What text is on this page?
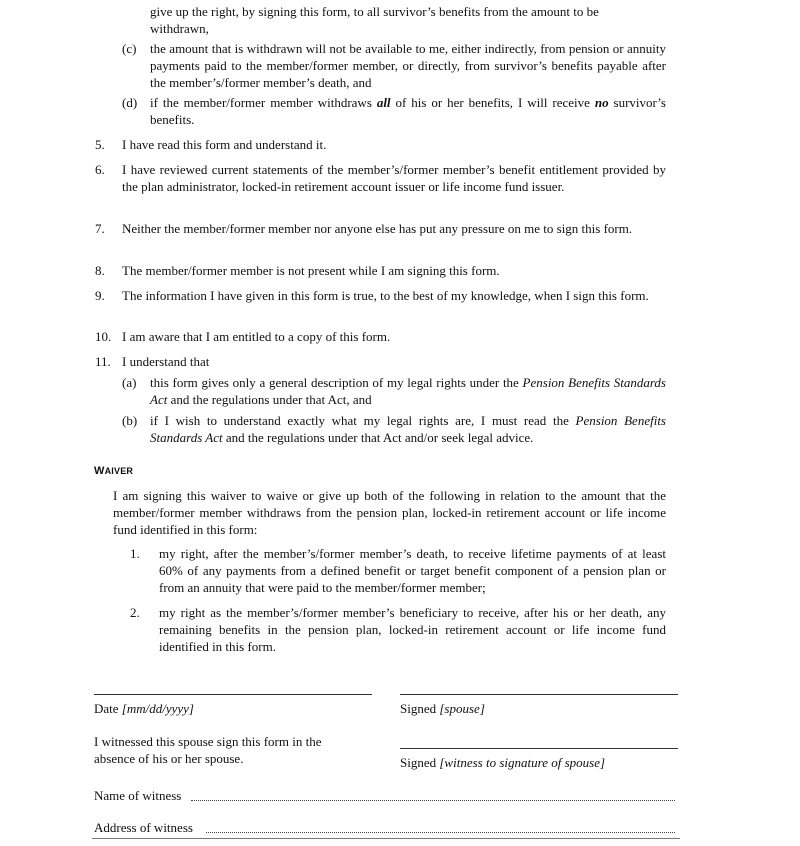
give up the right, by signing this form, to all survivor’s benefits from the amount to be
withdrawn,
(c) the amount that is withdrawn will not be available to me, either indirectly, from pension or annuity payments paid to the member/former member, or directly, from survivor’s benefits payable after the member’s/former member’s death, and
(d) if the member/former member withdraws all of his or her benefits, I will receive no survivor’s benefits.
5. I have read this form and understand it.
6. I have reviewed current statements of the member’s/former member’s benefit entitlement provided by the plan administrator, locked-in retirement account issuer or life income fund issuer.
7. Neither the member/former member nor anyone else has put any pressure on me to sign this form.
8. The member/former member is not present while I am signing this form.
9. The information I have given in this form is true, to the best of my knowledge, when I sign this form.
10. I am aware that I am entitled to a copy of this form.
11. I understand that
(a) this form gives only a general description of my legal rights under the Pension Benefits Standards Act and the regulations under that Act, and
(b) if I wish to understand exactly what my legal rights are, I must read the Pension Benefits Standards Act and the regulations under that Act and/or seek legal advice.
WAIVER
I am signing this waiver to waive or give up both of the following in relation to the amount that the member/former member withdraws from the pension plan, locked-in retirement account or life income fund identified in this form:
1. my right, after the member’s/former member’s death, to receive lifetime payments of at least 60% of any payments from a defined benefit or target benefit component of a pension plan or from an annuity that were paid to the member/former member;
2. my right as the member’s/former member’s beneficiary to receive, after his or her death, any remaining benefits in the pension plan, locked-in retirement account or life income fund identified in this form.
Date [mm/dd/yyyy]	Signed [spouse]
I witnessed this spouse sign this form in the absence of his or her spouse.	Signed [witness to signature of spouse]
Name of witness
Address of witness
